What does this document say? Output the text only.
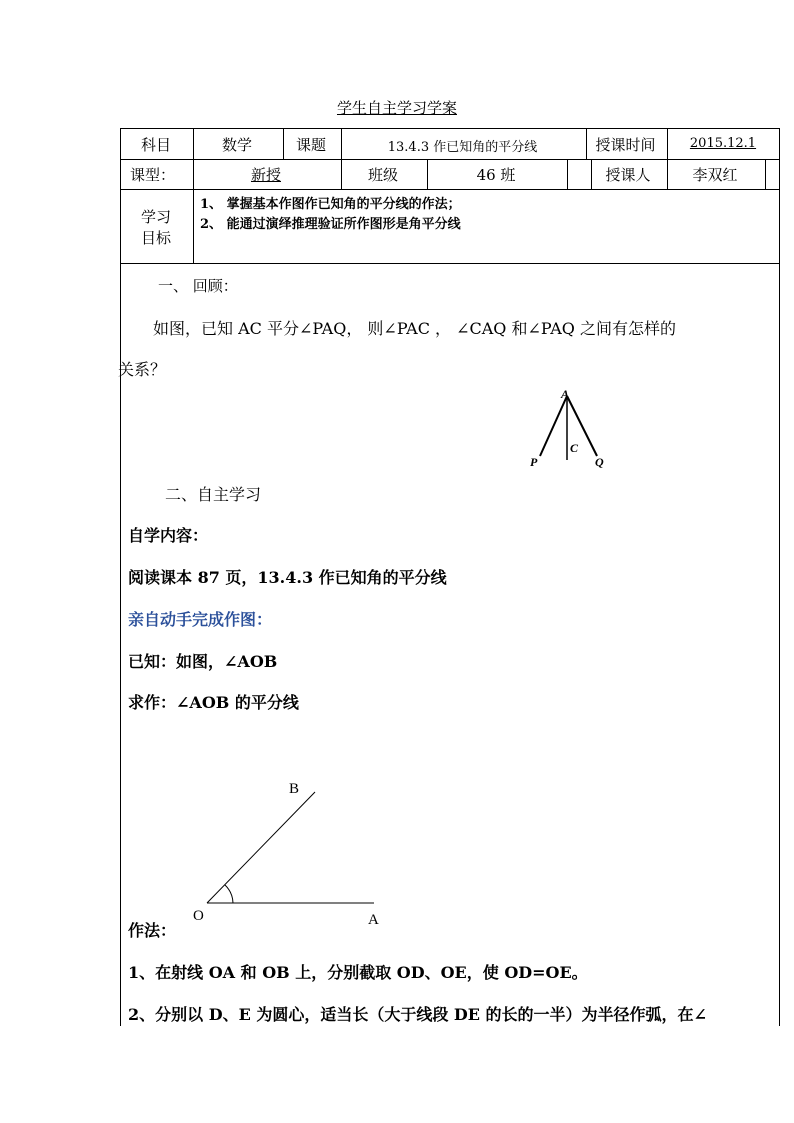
学生自主学习学案
科目	数学	课题	13.4.3 作已知角的平分线	授课时间	2015.12.1
课型：	新授	班级	46 班	授课人	李双红
学习
目标
1、 掌握基本作图作已知角的平分线的作法；
2、 能通过演绎推理验证所作图形是角平分线
一、 回顾：
如图，已知 AC 平分∠PAQ， 则∠PAC ， ∠CAQ 和∠PAQ 之间有怎样的
关系？
A
C
P	Q
B
O	A
二、自主学习
自学内容：
阅读课本 87 页，13.4.3 作已知角的平分线
亲自动手完成作图：
已知：如图，∠AOB
求作：∠AOB 的平分线
作法：
1、在射线 OA 和 OB 上，分别截取 OD、OE，使 OD=OE。
2、分别以 D、E 为圆心，适当长（大于线段 DE 的长的一半）为半径作弧，在∠
